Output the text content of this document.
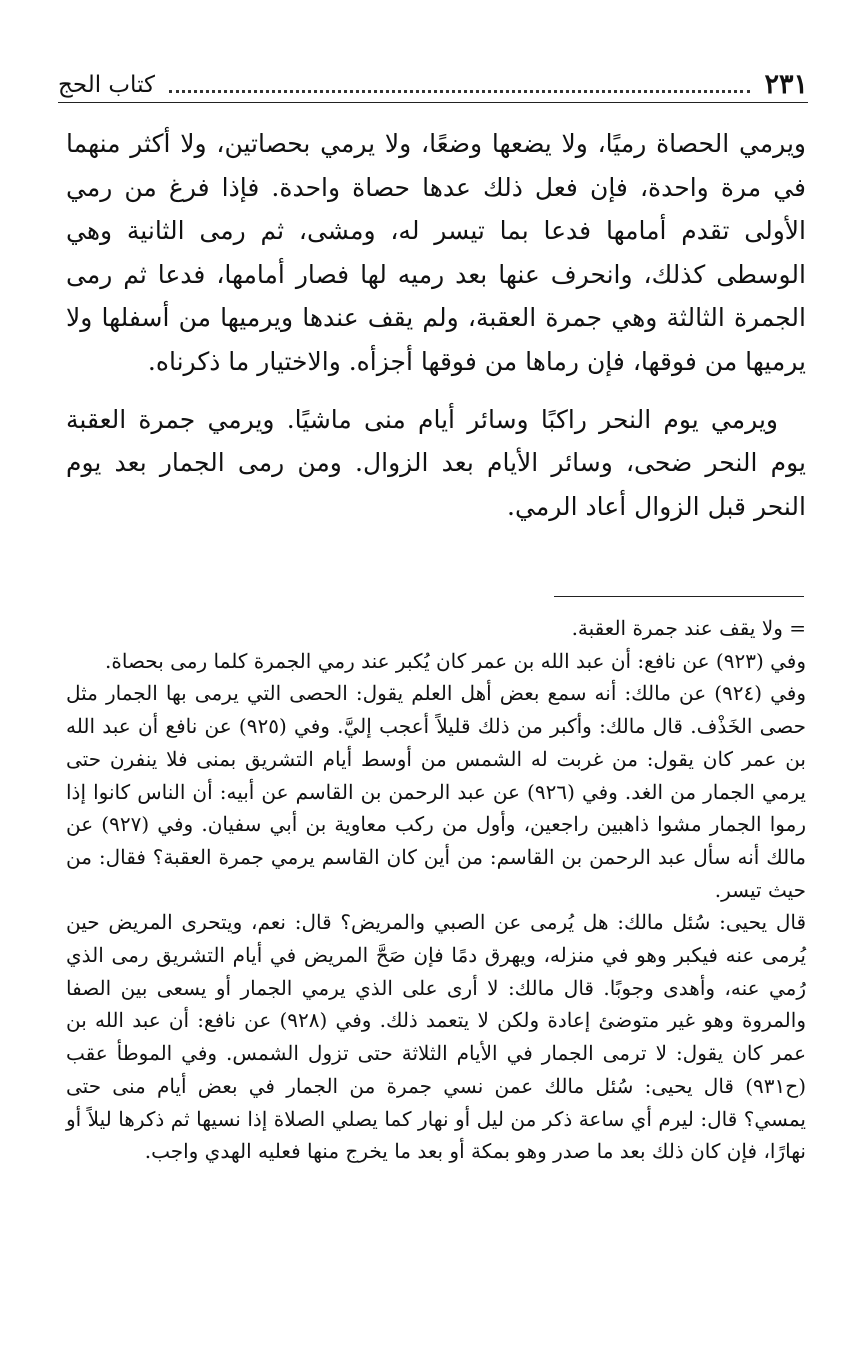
٢٣١
كتاب الحج

ويرمي الحصاة رميًا، ولا يضعها وضعًا، ولا يرمي بحصاتين، ولا أكثر منهما في مرة واحدة، فإن فعل ذلك عدها حصاة واحدة. فإذا فرغ من رمي الأولى تقدم أمامها فدعا بما تيسر له، ومشى، ثم رمى الثانية وهي الوسطى كذلك، وانحرف عنها بعد رميه لها فصار أمامها، فدعا ثم رمى الجمرة الثالثة وهي جمرة العقبة، ولم يقف عندها ويرميها من أسفلها ولا يرميها من فوقها، فإن رماها من فوقها أجزأه. والاختيار ما ذكرناه.

ويرمي يوم النحر راكبًا وسائر أيام منى ماشيًا. ويرمي جمرة العقبة يوم النحر ضحى، وسائر الأيام بعد الزوال. ومن رمى الجمار بعد يوم النحر قبل الزوال أعاد الرمي.

= ولا يقف عند جمرة العقبة.

وفي (٩٢٣) عن نافع: أن عبد الله بن عمر كان يُكبر عند رمي الجمرة كلما رمى بحصاة.

وفي (٩٢٤) عن مالك: أنه سمع بعض أهل العلم يقول: الحصى التي يرمى بها الجمار مثل حصى الخَذْف. قال مالك: وأكبر من ذلك قليلاً أعجب إليَّ. وفي (٩٢٥) عن نافع أن عبد الله بن عمر كان يقول: من غربت له الشمس من أوسط أيام التشريق بمنى فلا ينفرن حتى يرمي الجمار من الغد. وفي (٩٢٦) عن عبد الرحمن بن القاسم عن أبيه: أن الناس كانوا إذا رموا الجمار مشوا ذاهبين راجعين، وأول من ركب معاوية بن أبي سفيان. وفي (٩٢٧) عن مالك أنه سأل عبد الرحمن بن القاسم: من أين كان القاسم يرمي جمرة العقبة؟ فقال: من حيث تيسر.

قال يحيى: سُئل مالك: هل يُرمى عن الصبي والمريض؟ قال: نعم، ويتحرى المريض حين يُرمى عنه فيكبر وهو في منزله، ويهرق دمًا فإن صَحَّ المريض في أيام التشريق رمى الذي رُمي عنه، وأهدى وجوبًا. قال مالك: لا أرى على الذي يرمي الجمار أو يسعى بين الصفا والمروة وهو غير متوضئ إعادة ولكن لا يتعمد ذلك. وفي (٩٢٨) عن نافع: أن عبد الله بن عمر كان يقول: لا ترمى الجمار في الأيام الثلاثة حتى تزول الشمس. وفي الموطأ عقب (ح٩٣١) قال يحيى: سُئل مالك عمن نسي جمرة من الجمار في بعض أيام منى حتى يمسي؟ قال: ليرم أي ساعة ذكر من ليل أو نهار كما يصلي الصلاة إذا نسيها ثم ذكرها ليلاً أو نهارًا، فإن كان ذلك بعد ما صدر وهو بمكة أو بعد ما يخرج منها فعليه الهدي واجب.
